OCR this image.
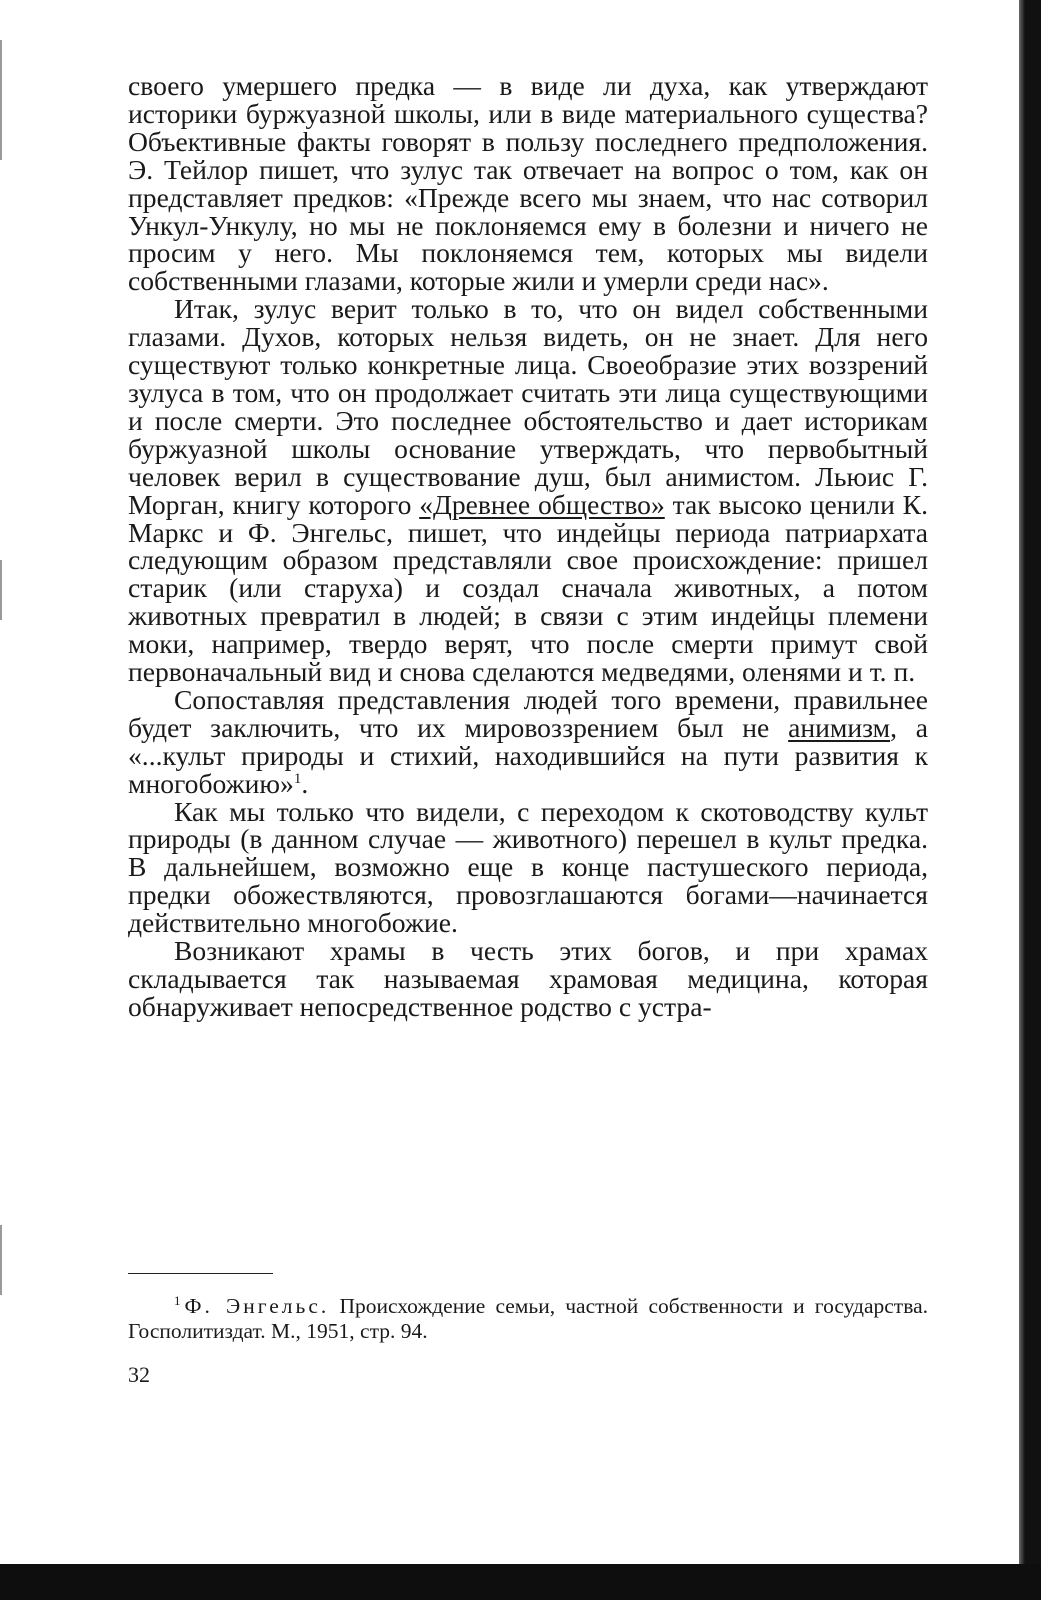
своего умершего предка — в виде ли духа, как утверждают историки буржуазной школы, или в виде материального существа? Объективные факты говорят в пользу последнего предположения. Э. Тейлор пишет, что зулус так отвечает на вопрос о том, как он представляет предков: «Прежде всего мы знаем, что нас сотворил Ункул-Ункулу, но мы не поклоняемся ему в болезни и ничего не просим у него. Мы поклоняемся тем, которых мы видели собственными глазами, которые жили и умерли среди нас».

Итак, зулус верит только в то, что он видел собственными глазами. Духов, которых нельзя видеть, он не знает. Для него существуют только конкретные лица. Своеобразие этих воззрений зулуса в том, что он продолжает считать эти лица существующими и после смерти. Это последнее обстоятельство и дает историкам буржуазной школы основание утверждать, что первобытный человек верил в существование душ, был анимистом. Льюис Г. Морган, книгу которого «Древнее общество» так высоко ценили К. Маркс и Ф. Энгельс, пишет, что индейцы периода патриархата следующим образом представляли свое происхождение: пришел старик (или старуха) и создал сначала животных, а потом животных превратил в людей; в связи с этим индейцы племени моки, например, твердо верят, что после смерти примут свой первоначальный вид и снова сделаются медведями, оленями и т. п.

Сопоставляя представления людей того времени, правильнее будет заключить, что их мировоззрением был не анимизм, а «...культ природы и стихий, находившийся на пути развития к многобожию»$^1$.

Как мы только что видели, с переходом к скотоводству культ природы (в данном случае — животного) перешел в культ предка. В дальнейшем, возможно еще в конце пастушеского периода, предки обожествляются, провозглашаются богами—начинается действительно многобожие.

Возникают храмы в честь этих богов, и при храмах складывается так называемая храмовая медицина, которая обнаруживает непосредственное родство с устра-

$^1$ Ф. Энгельс. Происхождение семьи, частной собственности и государства. Госполитиздат. М., 1951, стр. 94.
32
